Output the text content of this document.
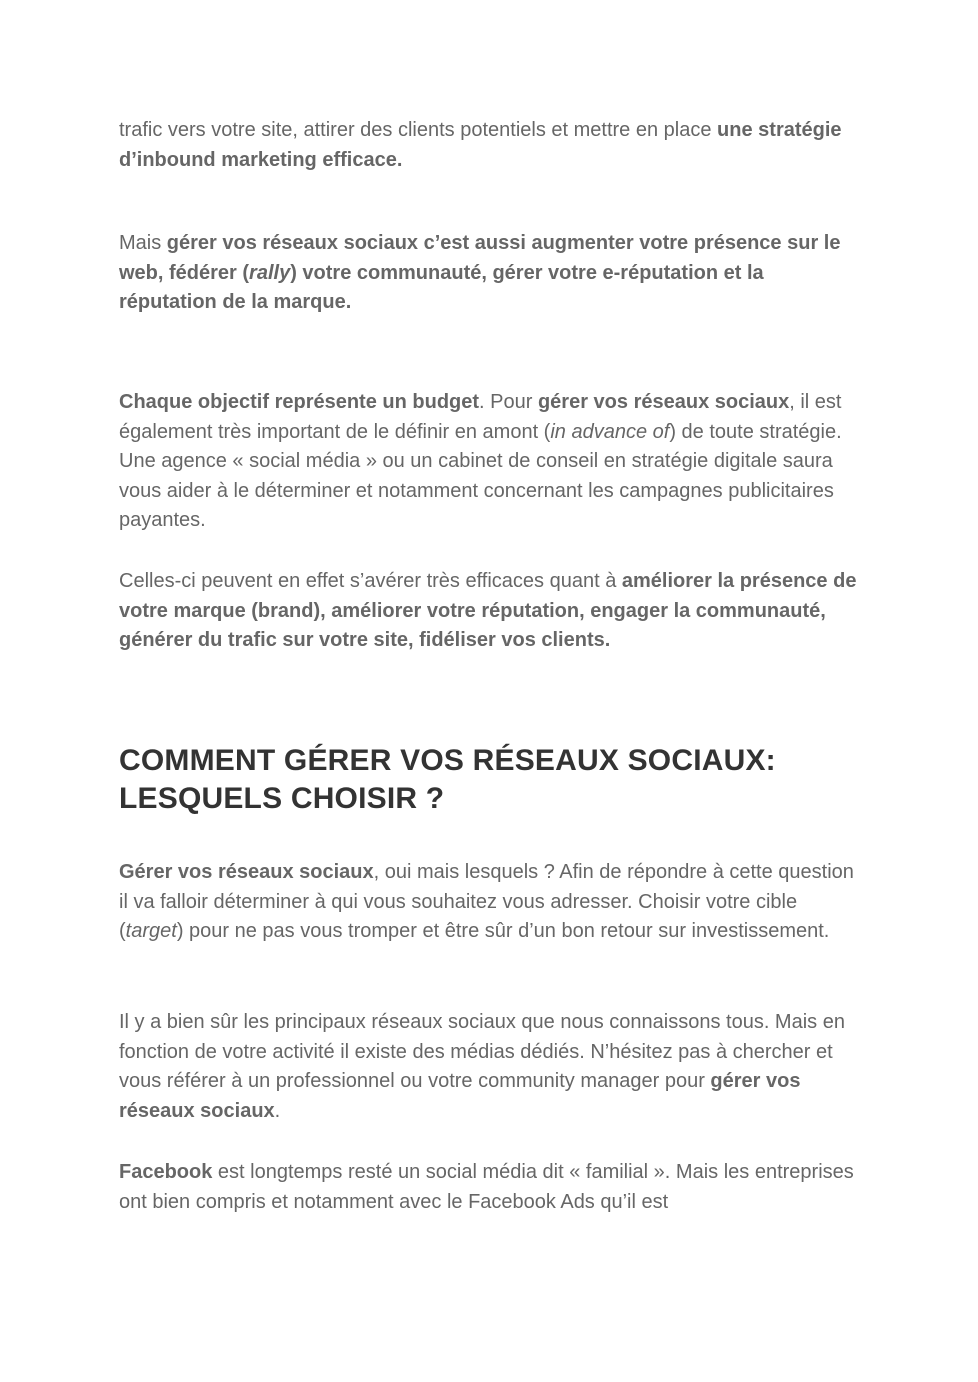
trafic vers votre site, attirer des clients potentiels et mettre en place une stratégie d’inbound marketing efficace.

Mais gérer vos réseaux sociaux c’est aussi augmenter votre présence sur le web, fédérer (rally) votre communauté, gérer votre e-réputation et la réputation de la marque.

Chaque objectif représente un budget. Pour gérer vos réseaux sociaux, il est également très important de le définir en amont (in advance of) de toute stratégie. Une agence « social média » ou un cabinet de conseil en stratégie digitale saura vous aider à le déterminer et notamment concernant les campagnes publicitaires payantes.

Celles-ci peuvent en effet s’avérer très efficaces quant à améliorer la présence de votre marque (brand), améliorer votre réputation, engager la communauté, générer du trafic sur votre site, fidéliser vos clients.

COMMENT GÉRER VOS RÉSEAUX SOCIAUX:
LESQUELS CHOISIR ?

Gérer vos réseaux sociaux, oui mais lesquels ? Afin de répondre à cette question il va falloir déterminer à qui vous souhaitez vous adresser. Choisir votre cible (target) pour ne pas vous tromper et être sûr d’un bon retour sur investissement.

Il y a bien sûr les principaux réseaux sociaux que nous connaissons tous. Mais en fonction de votre activité il existe des médias dédiés. N’hésitez pas à chercher et vous référer à un professionnel ou votre community manager pour gérer vos réseaux sociaux.

Facebook est longtemps resté un social média dit « familial ». Mais les entreprises ont bien compris et notamment avec le Facebook Ads qu’il est
